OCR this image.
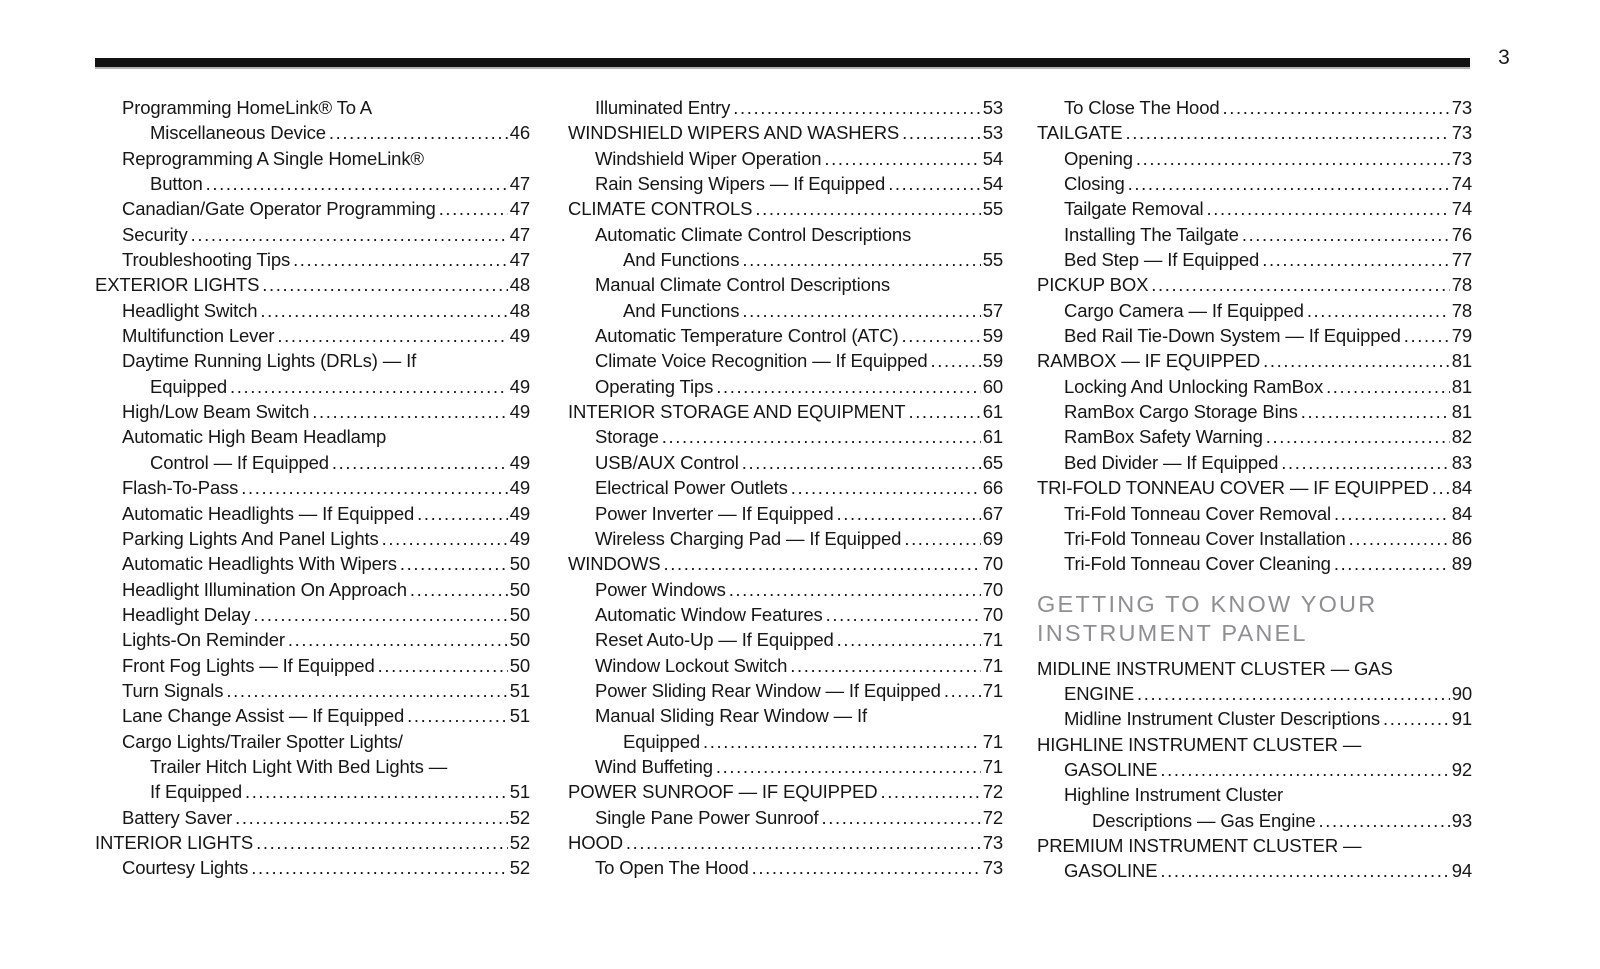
3
Programming HomeLink® To A
Miscellaneous Device .....	46
Reprogramming A Single HomeLink®
Button .....	47
Canadian/Gate Operator Programming .....	47
Security .....	47
Troubleshooting Tips .....	47
EXTERIOR LIGHTS .....	48
Headlight Switch .....	48
Multifunction Lever .....	49
Daytime Running Lights (DRLs) — If
Equipped .....	49
High/Low Beam Switch .....	49
Automatic High Beam Headlamp
Control — If Equipped .....	49
Flash-To-Pass .....	49
Automatic Headlights — If Equipped .....	49
Parking Lights And Panel Lights .....	49
Automatic Headlights With Wipers .....	50
Headlight Illumination On Approach .....	50
Headlight Delay .....	50
Lights-On Reminder .....	50
Front Fog Lights — If Equipped .....	50
Turn Signals .....	51
Lane Change Assist — If Equipped .....	51
Cargo Lights/Trailer Spotter Lights/
Trailer Hitch Light With Bed Lights —
If Equipped .....	51
Battery Saver .....	52
INTERIOR LIGHTS .....	52
Courtesy Lights .....	52
Illuminated Entry .....	53
WINDSHIELD WIPERS AND WASHERS .....	53
Windshield Wiper Operation .....	54
Rain Sensing Wipers — If Equipped .....	54
CLIMATE CONTROLS .....	55
Automatic Climate Control Descriptions
And Functions .....	55
Manual Climate Control Descriptions
And Functions .....	57
Automatic Temperature Control (ATC) .....	59
Climate Voice Recognition — If Equipped .....	59
Operating Tips .....	60
INTERIOR STORAGE AND EQUIPMENT .....	61
Storage .....	61
USB/AUX Control .....	65
Electrical Power Outlets .....	66
Power Inverter — If Equipped .....	67
Wireless Charging Pad — If Equipped .....	69
WINDOWS .....	70
Power Windows .....	70
Automatic Window Features .....	70
Reset Auto-Up — If Equipped .....	71
Window Lockout Switch .....	71
Power Sliding Rear Window — If Equipped ..... 71
Manual Sliding Rear Window — If
Equipped .....	71
Wind Buffeting .....	71
POWER SUNROOF — IF EQUIPPED .....	72
Single Pane Power Sunroof .....	72
HOOD .....	73
To Open The Hood .....	73
To Close The Hood .....	73
TAILGATE .....	73
Opening .....	73
Closing .....	74
Tailgate Removal .....	74
Installing The Tailgate .....	76
Bed Step — If Equipped .....	77
PICKUP BOX .....	78
Cargo Camera — If Equipped .....	78
Bed Rail Tie-Down System — If Equipped .....	79
RAMBOX — IF EQUIPPED .....	81
Locking And Unlocking RamBox .....	81
RamBox Cargo Storage Bins .....	81
RamBox Safety Warning .....	82
Bed Divider — If Equipped .....	83
TRI-FOLD TONNEAU COVER — IF EQUIPPED ..... 84
Tri-Fold Tonneau Cover Removal .....	84
Tri-Fold Tonneau Cover Installation .....	86
Tri-Fold Tonneau Cover Cleaning .....	89
GETTING TO KNOW YOUR
INSTRUMENT PANEL
MIDLINE INSTRUMENT CLUSTER — GAS
ENGINE .....	90
Midline Instrument Cluster Descriptions .....	91
HIGHLINE INSTRUMENT CLUSTER —
GASOLINE .....	92
Highline Instrument Cluster
Descriptions — Gas Engine .....	93
PREMIUM INSTRUMENT CLUSTER —
GASOLINE .....	94
